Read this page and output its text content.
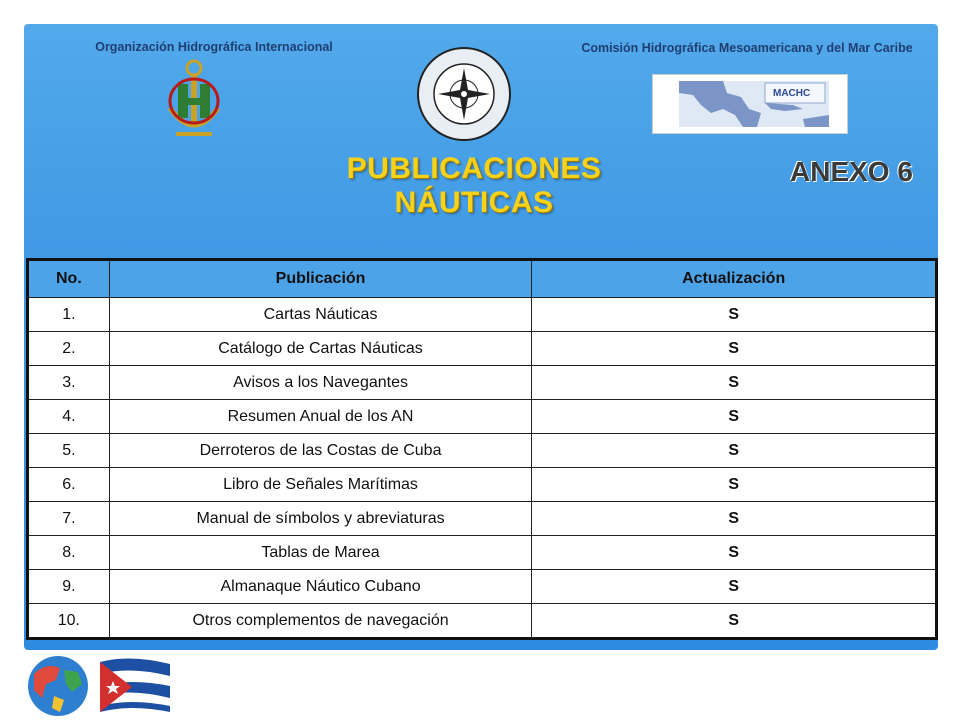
Organización Hidrográfica Internacional	Comisión Hidrográfica Mesoamericana y del Mar Caribe
MACHC
PUBLICACIONES NÁUTICAS
ANEXO 6
No.	Publicación	Actualización
1.	Cartas Náuticas	S
2.	Catálogo de Cartas Náuticas	S
3.	Avisos a los Navegantes	S
4.	Resumen Anual de los AN	S
5.	Derroteros de las Costas de Cuba	S
6.	Libro de Señales Marítimas	S
7.	Manual de símbolos y abreviaturas	S
8.	Tablas de Marea	S
9.	Almanaque Náutico Cubano	S
10.	Otros complementos de navegación	S
